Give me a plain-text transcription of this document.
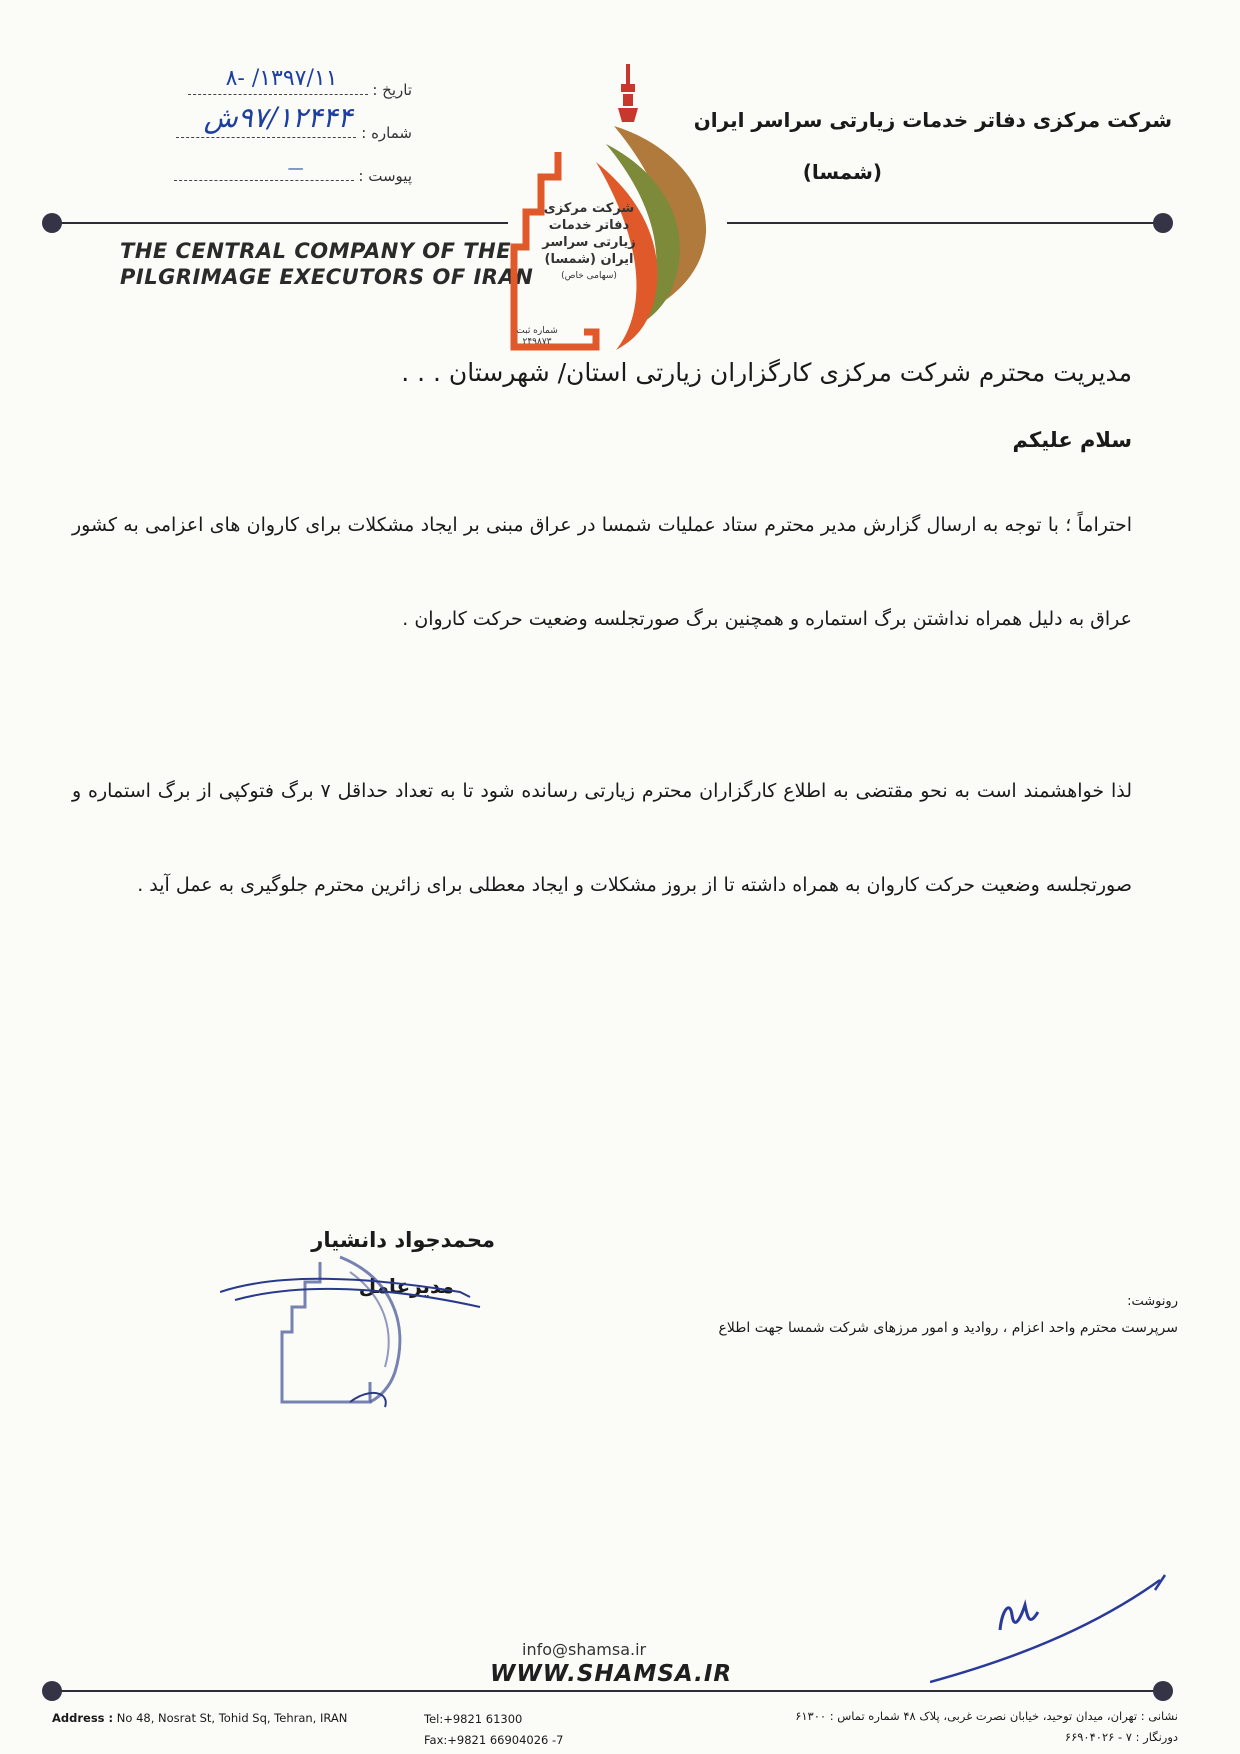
شرکت مرکزی دفاتر خدمات زیارتی سراسر ایران
(شمسا)
THE CENTRAL COMPANY OF THE
PILGRIMAGE EXECUTORS OF IRAN
تاریخ :
۱۳۹۷/۱۱/ -۸
شماره :
۹۷/۱۲۴۴۴ش
پیوست :
—
شرکت مرکزی
دفاتر خدمات
زیارتی سراسر
ایران (شمسا)
(سهامی خاص)
شماره ثبت
۲۴۹۸۷۳
مدیریت محترم شرکت مرکزی کارگزاران زیارتی استان/ شهرستان . . .
سلام علیکم
احتراماً ؛ با توجه به ارسال گزارش مدیر محترم ستاد عملیات شمسا در عراق مبنی بر ایجاد مشکلات برای کاروان های اعزامی به کشور عراق به دلیل همراه نداشتن برگ استماره و همچنین برگ صورتجلسه وضعیت حرکت کاروان .
لذا خواهشمند است به نحو مقتضی به اطلاع کارگزاران محترم زیارتی رسانده شود تا به تعداد حداقل ۷ برگ فتوکپی از برگ استماره و صورتجلسه وضعیت حرکت کاروان به همراه داشته تا از بروز مشکلات و ایجاد معطلی برای زائرین محترم جلوگیری به عمل آید .
محمدجواد دانشیار
مدیرعامل
رونوشت:
سرپرست محترم واحد اعزام ، روادید و امور مرزهای شرکت شمسا جهت اطلاع
info@shamsa.ir
WWW.SHAMSA.IR
Address : No 48, Nosrat St, Tohid Sq, Tehran, IRAN	Tel:+9821 61300
Fax:+9821 66904026 -7
نشانی : تهران، میدان توحید، خیابان نصرت غربی، پلاک ۴۸ شماره تماس : ۶۱۳۰۰
دورنگار : ۷ - ۶۶۹۰۴۰۲۶
